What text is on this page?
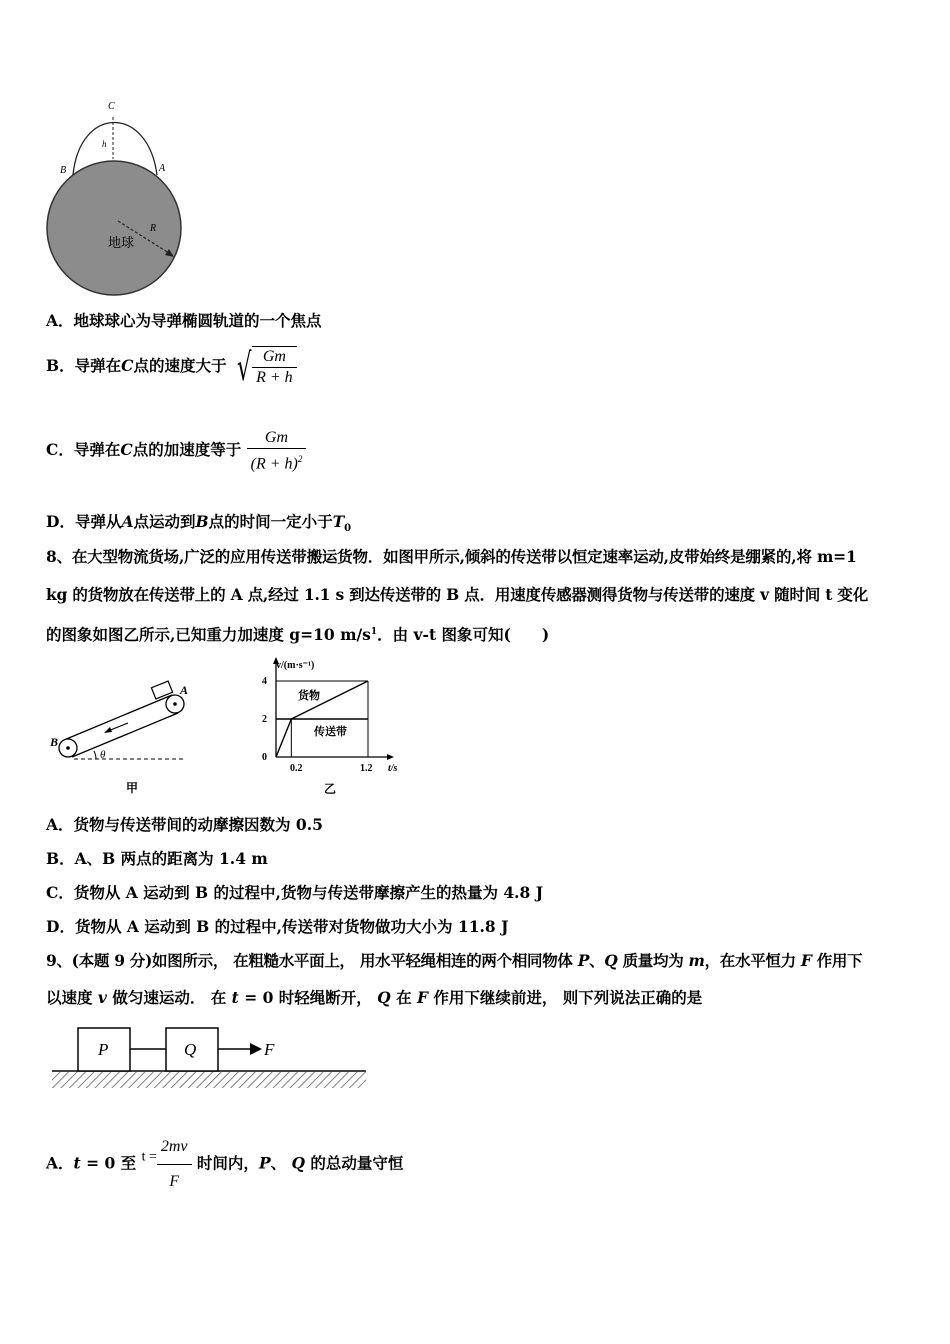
C
h
B	A
R
地球
A．地球球心为导弹椭圆轨道的一个焦点
B．导弹在C点的速度大于 √ $\frac{Gm}{R + h}$
C．导弹在C点的加速度等于 $\frac{Gm}{(R + h)^2}$
D．导弹从A点运动到B点的时间一定小于$T_0$
8、在大型物流货场,广泛的应用传送带搬运货物．如图甲所示,倾斜的传送带以恒定速率运动,皮带始终是绷紧的,将 m=1
kg 的货物放在传送带上的 A 点,经过 1.1 s 到达传送带的 B 点．用速度传感器测得货物与传送带的速度 v 随时间 t 变化
的图象如图乙所示,已知重力加速度 g=10 $m/s^1$．由 v-t 图象可知(　　)
θ
A
B
甲
v/(m·s⁻¹)
t/s
4
2
0
0.2	1.2
货物
传送带
乙
A．货物与传送带间的动摩擦因数为 0.5
B．A、B 两点的距离为 1.4 m
C．货物从 A 运动到 B 的过程中,货物与传送带摩擦产生的热量为 4.8 J
D．货物从 A 运动到 B 的过程中,传送带对货物做功大小为 11.8 J
9、(本题 9 分)如图所示， 在粗糙水平面上， 用水平轻绳相连的两个相同物体 P、Q 质量均为 m，在水平恒力 F 作用下
以速度 v 做匀速运动． 在 t = 0 时轻绳断开， Q 在 F 作用下继续前进， 则下列说法正确的是
P	Q	F
A．t = 0 至 $t = \frac{2mv}{F}$ 时间内，P、 Q 的总动量守恒
